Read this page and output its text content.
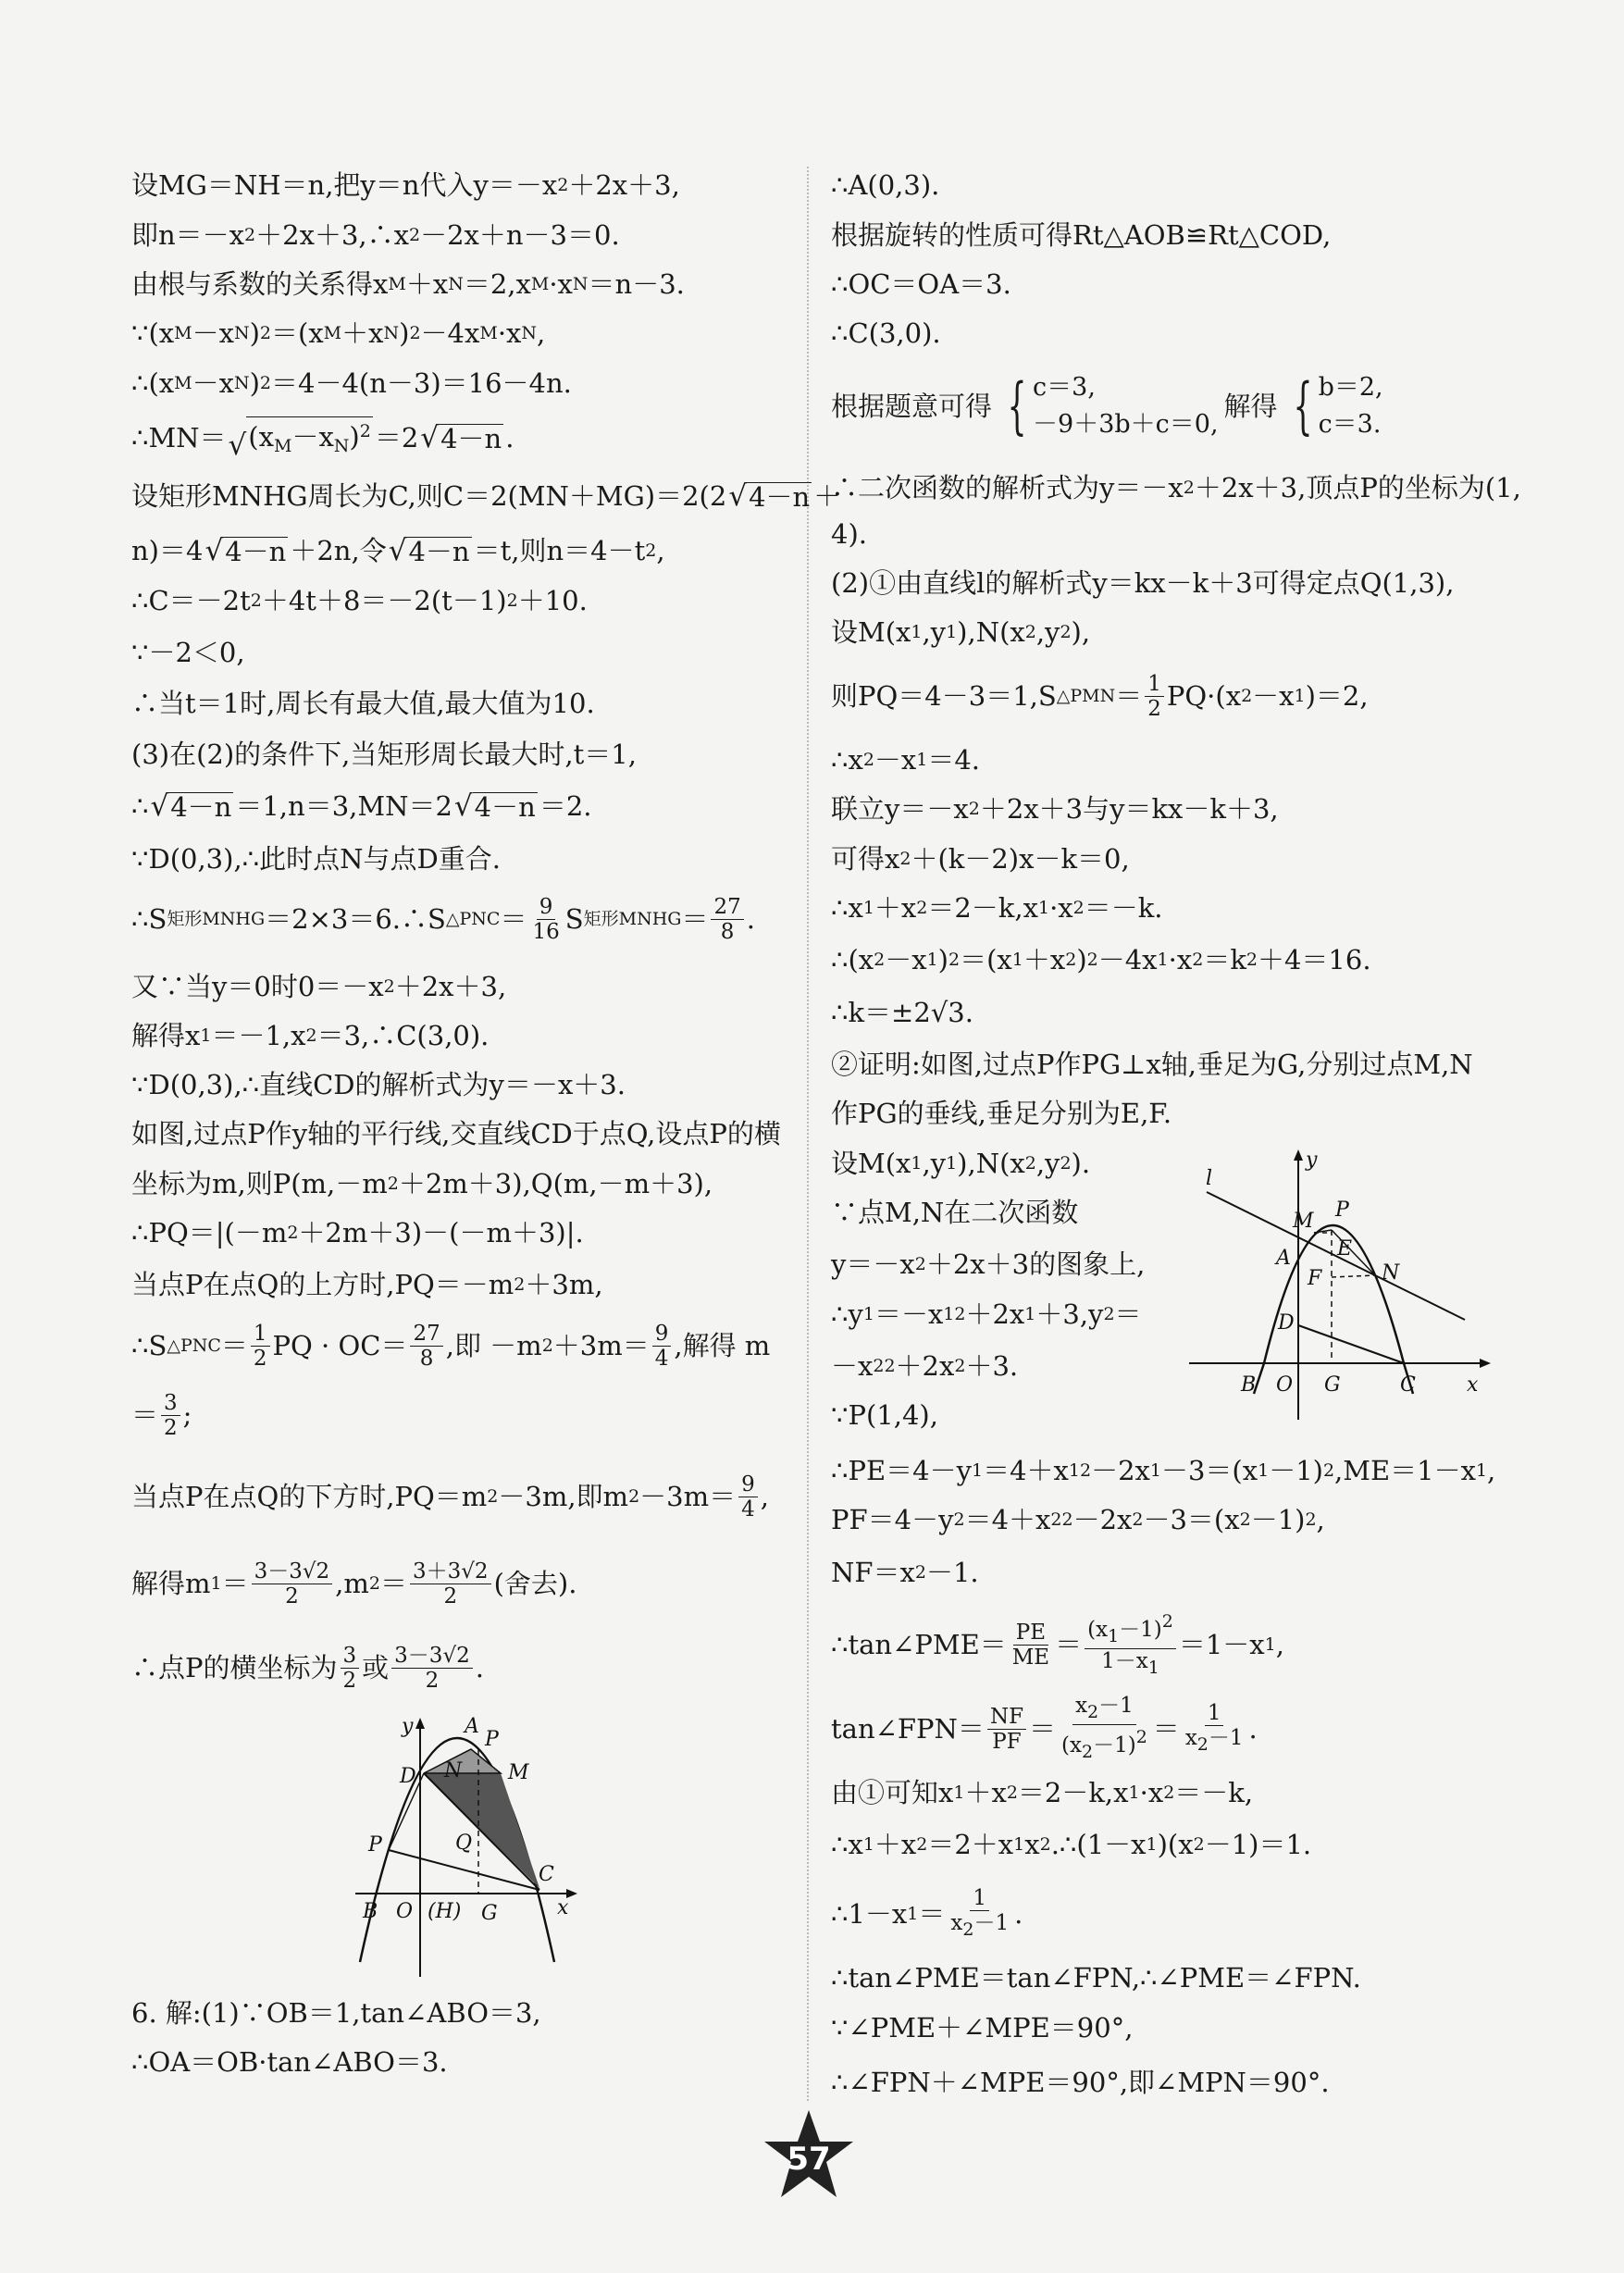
设MG＝NH＝n,把y＝n代入y＝－x 2 ＋2x＋3,
即n＝－x 2 ＋2x＋3,∴x 2 －2x＋n－3＝0.
由根与系数的关系得x M ＋x N ＝2,x M ·x N ＝n－3.
∵(x M －x N ) 2 ＝(x M ＋x N ) 2 －4x M ·x N ,
∴(x M －x N ) 2 ＝4－4(n－3)＝16－4n.
∴MN＝ √ $(x_M-x_N)^2 =2$ √ 4－n .
设矩形MNHG周长为C,则C＝2(MN＋MG)＝2(2 √ 4－n ＋
n)＝4 √ 4－n ＋2n,令 √ 4－n ＝t,则n＝4－t 2 ,
∴C＝－2t 2 ＋4t＋8＝－2(t－1) 2 ＋10.
∵－2＜0,
∴当t＝1时,周长有最大值,最大值为10.
(3)在(2)的条件下,当矩形周长最大时,t＝1,
∴ √ 4－n ＝1,n＝3,MN＝2 √ 4－n ＝2.
∵D(0,3),∴此时点N与点D重合.
∴S 矩形MNHG ＝2×3＝6.∴S △PNC ＝ $\frac{9}{16}$ S 矩形MNHG ＝ $\frac{27}{8}$ .
又∵当y＝0时0＝－x 2 ＋2x＋3,
解得x 1 ＝－1,x 2 ＝3,∴C(3,0).
∵D(0,3),∴直线CD的解析式为y＝－x＋3.
如图,过点P作y轴的平行线,交直线CD于点Q,设点P的横
坐标为m,则P(m,－m 2 ＋2m＋3),Q(m,－m＋3),
∴PQ＝|(－m 2 ＋2m＋3)－(－m＋3)|.
当点P在点Q的上方时,PQ＝－m 2 ＋3m,
∴S △PNC ＝ $\frac{1}{2}$ PQ · $OC= \frac{27}{8}$ ,即 －m $2 +3m= \frac{9}{4}$ ,解得 m
＝ $\frac{3}{2}$ ;
当点P在点Q的下方时,PQ＝m 2 －3m,即m $2 -3m= \frac{9}{4}$ ,
解得m $1 = \frac{3-3√2}{2} ,m$ $2 = \frac{3+3√2}{2}$ (舍去).
∴点P的横坐标为 $\frac{3}{2}$ 或 $\frac{3-3√2}{2}$ .
6. 解:(1)∵OB＝1,tan∠ABO＝3,
∴OA＝OB·tan∠ABO＝3.
∴A(0,3).
根据旋转的性质可得Rt△AOB≌Rt△COD,
∴OC＝OA＝3.
∴C(3,0).
根据题意可得 { c＝3,
－9＋3b＋c＝0,
解得 { b＝2,
c＝3.
∴二次函数的解析式为y＝－x 2 ＋2x＋3,顶点P的坐标为(1,
4).
(2)①由直线l的解析式y＝kx－k＋3可得定点Q(1,3),
设M(x 1 ,y 1 ),N(x 2 ,y 2 ),
则PQ＝4－3＝1,S △PMN ＝ $\frac{1}{2} PQ\cdot(x$ 2 －x 1 )＝2,
∴x 2 －x 1 ＝4.
联立y＝－x 2 ＋2x＋3与y＝kx－k＋3,
可得x 2 ＋(k－2)x－k＝0,
∴x 1 ＋x 2 ＝2－k,x 1 ·x 2 ＝－k.
∴(x 2 －x 1 ) 2 ＝(x 1 ＋x 2 ) 2 －4x 1 ·x 2 ＝k 2 ＋4＝16.
∴k＝±2√3.
②证明:如图,过点P作PG⊥x轴,垂足为G,分别过点M,N
作PG的垂线,垂足分别为E,F.
设M(x 1 ,y 1 ),N(x 2 ,y 2 ).
∵点M,N在二次函数
y＝－x 2 ＋2x＋3的图象上,
∴y 1 ＝－x 1 2 ＋2x 1 ＋3,y 2 ＝
－x 2 2 ＋2x 2 ＋3.
∵P(1,4),
∴PE＝4－y 1 ＝4＋x 1 2 －2x 1 －3＝(x 1 －1) 2 ,ME＝1－x 1 ,
PF＝4－y 2 ＝4＋x 2 2 －2x 2 －3＝(x 2 －1) 2 ,
NF＝x 2 －1.
∴tan∠PME＝ $\frac{PE}{ME} = \frac{(x_1-1)^2}{1-x_1} =1-x$ 1 ,
tan∠FPN＝ $\frac{NF}{PF} = \frac{x_2-1}{(x_2-1)^2} = \frac{1}{x_2-1}$ .
由①可知x 1 ＋x 2 ＝2－k,x 1 ·x 2 ＝－k,
∴x 1 ＋x 2 ＝2＋x 1 x 2 .∴(1－x 1 )(x 2 －1)＝1.
∴1－x $1 = \frac{1}{x_2-1}$ .
∴tan∠PME＝tan∠FPN,∴∠PME＝∠FPN.
∵∠PME＋∠MPE＝90°,
∴∠FPN＋∠MPE＝90°,即∠MPN＝90°.
y	A
P
D N M
P	Q
C
B O (H) G	x
l
y
M P
E
A
F	N
D
B O G	C	x
57
